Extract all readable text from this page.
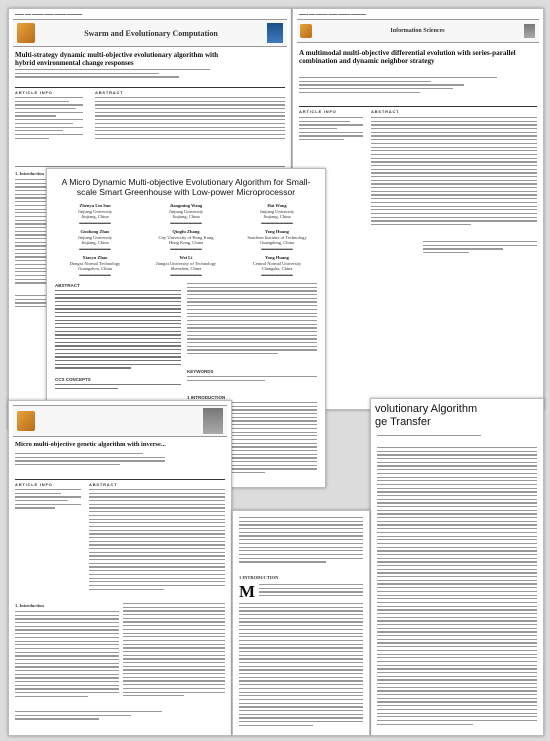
▬▬▬ ▬▬ ▬▬▬▬ ▬▬▬ ▬▬▬▬ ▬▬▬▬▬
Swarm and Evolutionary Computation
Multi-strategy dynamic multi-objective evolutionary algorithm with hybrid environmental change responses
ARTICLE INFO	ABSTRACT
1. Introduction
▬▬▬ ▬▬ ▬▬▬▬ ▬▬▬ ▬▬▬▬ ▬▬▬▬▬
Information Sciences
A multimodal multi-objective differential evolution with series-parallel combination and dynamic neighbor strategy
ARTICLE INFO	ABSTRACT
A Micro Dynamic Multi-objective Evolutionary Algorithm for Small-scale Smart Greenhouse with Low-power Microprocessor
Zhenyu Lin Sun
Jinjiang University
Jinjiang, China
▬▬▬▬▬▬▬
Jiangming Wang
Jinjiang University
Jinjiang, China
▬▬▬▬▬▬▬
Hai Wang
Jinjiang University
Jinjiang, China
▬▬▬▬▬▬▬
Guohong Zhao
Jinjiang University
Jinjiang, China
▬▬▬▬▬▬▬
Qingfu Zhang
City University of Hong Kong
Hong Kong, China
▬▬▬▬▬▬▬
Yong Huang
Southern Institute of Technology
Guangdong, China
▬▬▬▬▬▬▬
Xiaoyu Zhao
Dongxi Normal Technology
Guangzhou, China
▬▬▬▬▬▬▬
Wei Li
Jiangxi University of Technology
Shenzhen, China
▬▬▬▬▬▬▬
Yong Huang
Central Normal University
Changsha, China
▬▬▬▬▬▬▬
ABSTRACT
CCS CONCEPTS
KEYWORDS
1 INTRODUCTION
Micro multi-objective genetic algorithm with inverse...
ARTICLE INFO	ABSTRACT
1. Introduction
volutionary Algorithm
ge Transfer
1 INTRODUCTION
M
